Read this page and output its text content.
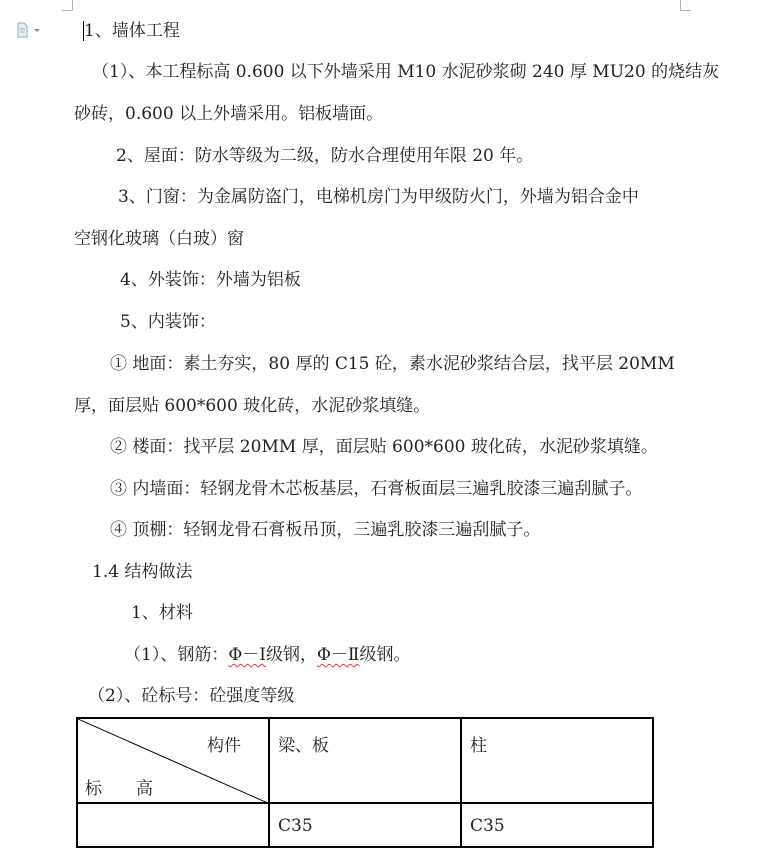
1、墙体工程
（1）、本工程标高 0.600 以下外墙采用 M10 水泥砂浆砌 240 厚 MU20 的烧结灰
砂砖，0.600 以上外墙采用。铝板墙面。
2、屋面：防水等级为二级，防水合理使用年限 20 年。
3、门窗：为金属防盗门，电梯机房门为甲级防火门，外墙为铝合金中
空钢化玻璃（白玻）窗
4、外装饰：外墙为铝板
5、内装饰：
① 地面：素土夯实，80 厚的 C15 砼，素水泥砂浆结合层，找平层 20MM
厚，面层贴 600*600 玻化砖，水泥砂浆填缝。
② 楼面：找平层 20MM 厚，面层贴 600*600 玻化砖，水泥砂浆填缝。
③ 内墙面：轻钢龙骨木芯板基层，石膏板面层三遍乳胶漆三遍刮腻子。
④ 顶棚：轻钢龙骨石膏板吊顶，三遍乳胶漆三遍刮腻子。
1.4 结构做法
1、材料
（1）、钢筋：Φ－Ⅰ级钢，Φ－Ⅱ级钢。
（2）、砼标号：砼强度等级
构件
标　　高	梁、板	柱

	C35	C35
